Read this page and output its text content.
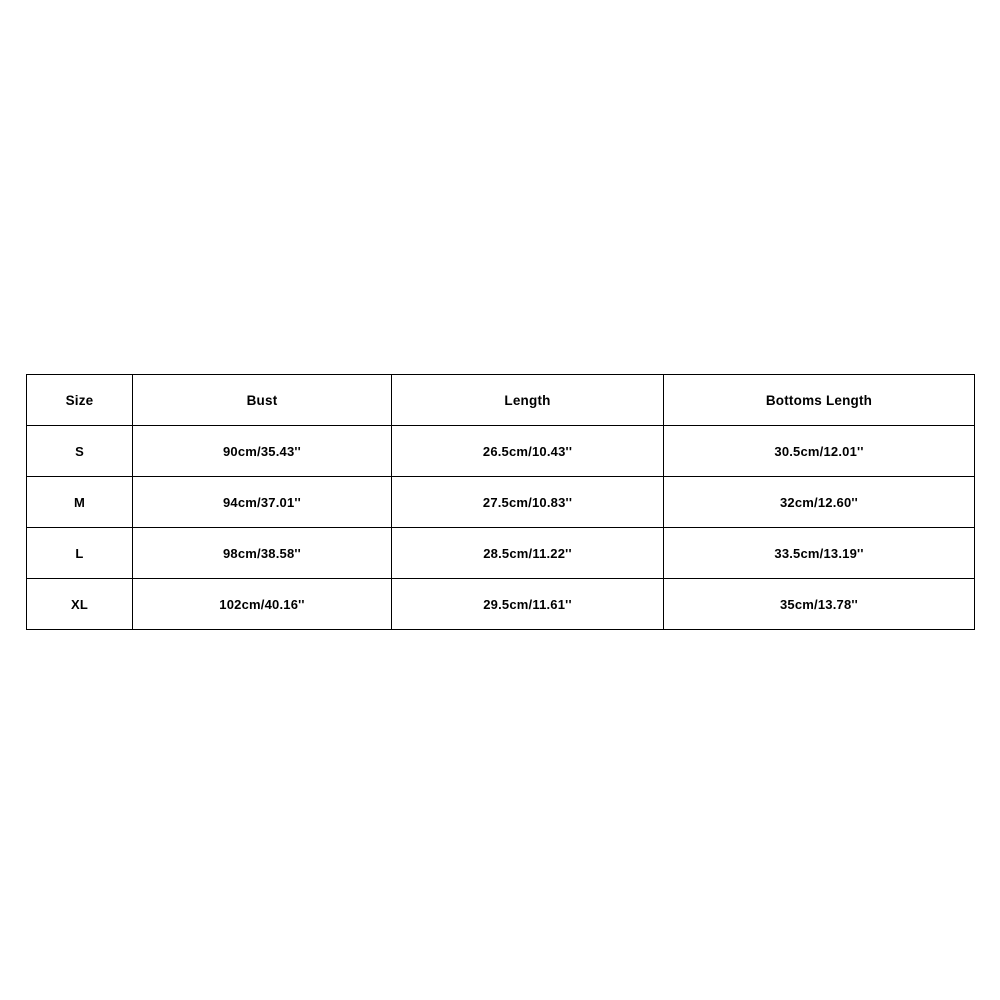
Size	Bust	Length	Bottoms Length
S	90cm/35.43''	26.5cm/10.43''	30.5cm/12.01''
M	94cm/37.01''	27.5cm/10.83''	32cm/12.60''
L	98cm/38.58''	28.5cm/11.22''	33.5cm/13.19''
XL	102cm/40.16''	29.5cm/11.61''	35cm/13.78''
